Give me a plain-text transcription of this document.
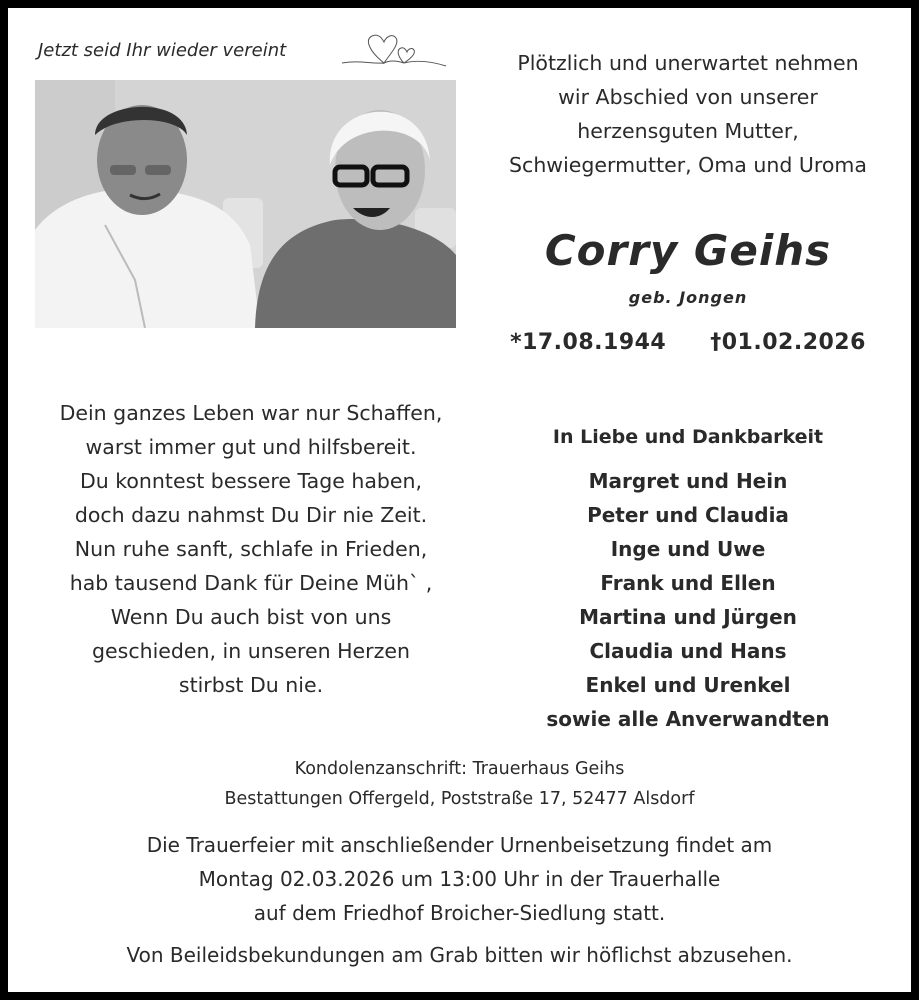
Jetzt seid Ihr wieder vereint
Plötzlich und unerwartet nehmen
wir Abschied von unserer
herzensguten Mutter,
Schwiegermutter, Oma und Uroma
Corry Geihs
geb. Jongen
*17.08.1944 †01.02.2026
Dein ganzes Leben war nur Schaffen,
warst immer gut und hilfsbereit.
Du konntest bessere Tage haben,
doch dazu nahmst Du Dir nie Zeit.
Nun ruhe sanft, schlafe in Frieden,
hab tausend Dank für Deine Müh` ,
Wenn Du auch bist von uns
geschieden, in unseren Herzen
stirbst Du nie.
In Liebe und Dankbarkeit
Margret und Hein
Peter und Claudia
Inge und Uwe
Frank und Ellen
Martina und Jürgen
Claudia und Hans
Enkel und Urenkel
sowie alle Anverwandten
Kondolenzanschrift: Trauerhaus Geihs
Bestattungen Offergeld, Poststraße 17, 52477 Alsdorf
Die Trauerfeier mit anschließender Urnenbeisetzung findet am
Montag 02.03.2026 um 13:00 Uhr in der Trauerhalle
auf dem Friedhof Broicher-Siedlung statt.
Von Beileidsbekundungen am Grab bitten wir höflichst abzusehen.
